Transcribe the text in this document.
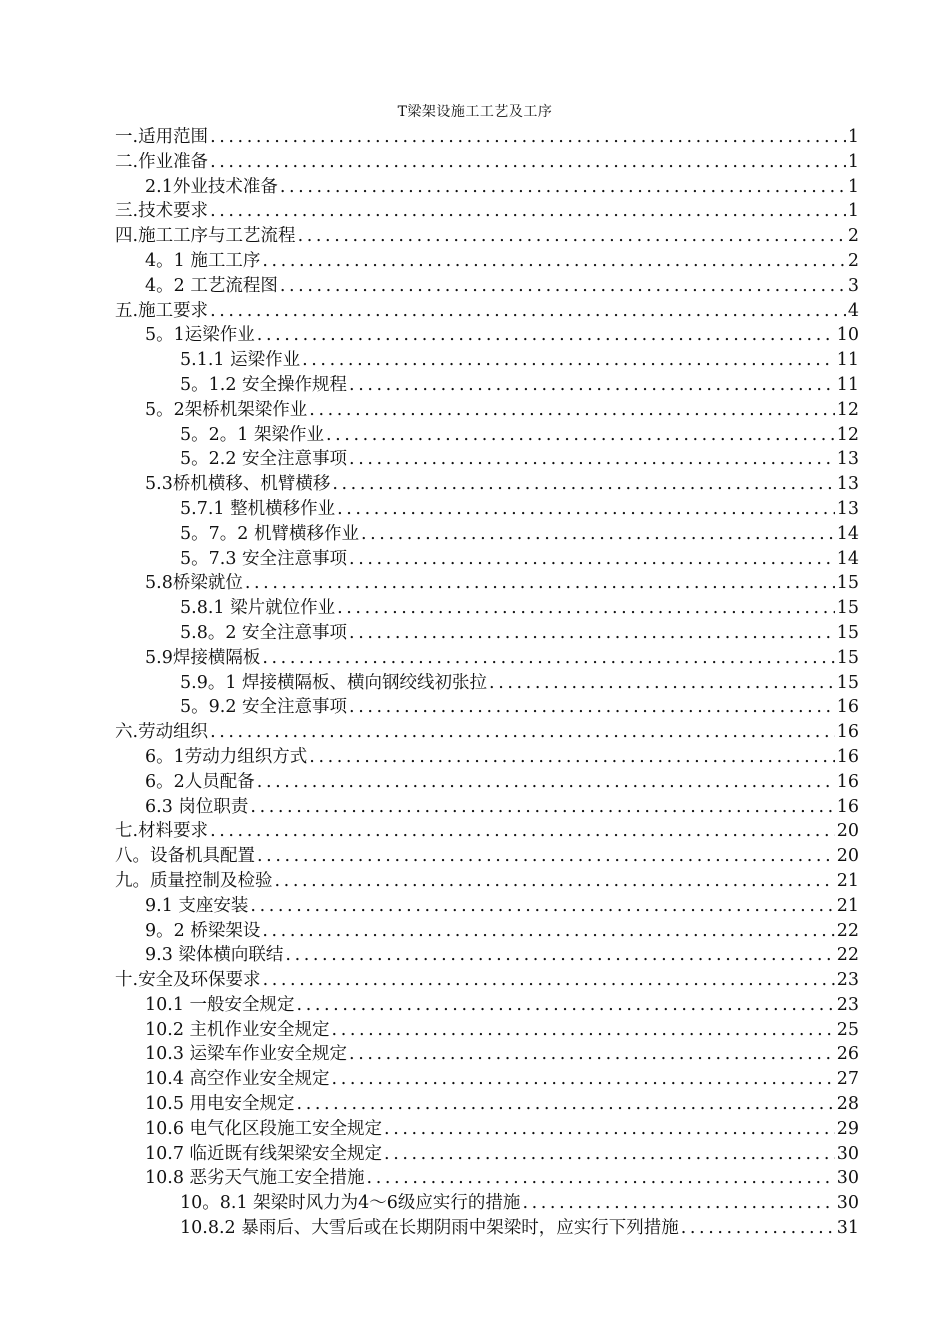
T梁架设施工工艺及工序
一.适用范围 .....	1
二.作业准备 .....	1
2.1外业技术准备 .....	1
三.技术要求 .....	1
四.施工工序与工艺流程 .....	2
4。1 施工工序 .....	2
4。2 工艺流程图 .....	3
五.施工要求 .....	4
5。1运梁作业 .....	10
5.1.1 运梁作业 .....	11
5。1.2 安全操作规程 .....	11
5。2架桥机架梁作业 .....	12
5。2。1 架梁作业 .....	12
5。2.2 安全注意事项 .....	13
5.3桥机横移、机臂横移 .....	13
5.7.1 整机横移作业 .....	13
5。7。2 机臂横移作业 .....	14
5。7.3 安全注意事项 .....	14
5.8桥梁就位 .....	15
5.8.1 梁片就位作业 .....	15
5.8。2 安全注意事项 .....	15
5.9焊接横隔板 .....	15
5.9。1 焊接横隔板、横向钢绞线初张拉 .....	15
5。9.2 安全注意事项 .....	16
六.劳动组织 .....	16
6。1劳动力组织方式 .....	16
6。2人员配备 .....	16
6.3 岗位职责 .....	16
七.材料要求 .....	20
八。设备机具配置 .....	20
九。质量控制及检验 .....	21
9.1 支座安装 .....	21
9。2 桥梁架设 .....	22
9.3 梁体横向联结 .....	22
十.安全及环保要求 .....	23
10.1 一般安全规定 .....	23
10.2 主机作业安全规定 .....	25
10.3 运梁车作业安全规定 .....	26
10.4 高空作业安全规定 .....	27
10.5 用电安全规定 .....	28
10.6 电气化区段施工安全规定 .....	29
10.7 临近既有线架梁安全规定 .....	30
10.8 恶劣天气施工安全措施 .....	30
10。8.1 架梁时风力为4～6级应实行的措施 .....	30
10.8.2 暴雨后、大雪后或在长期阴雨中架梁时，应实行下列措施 .....	31
